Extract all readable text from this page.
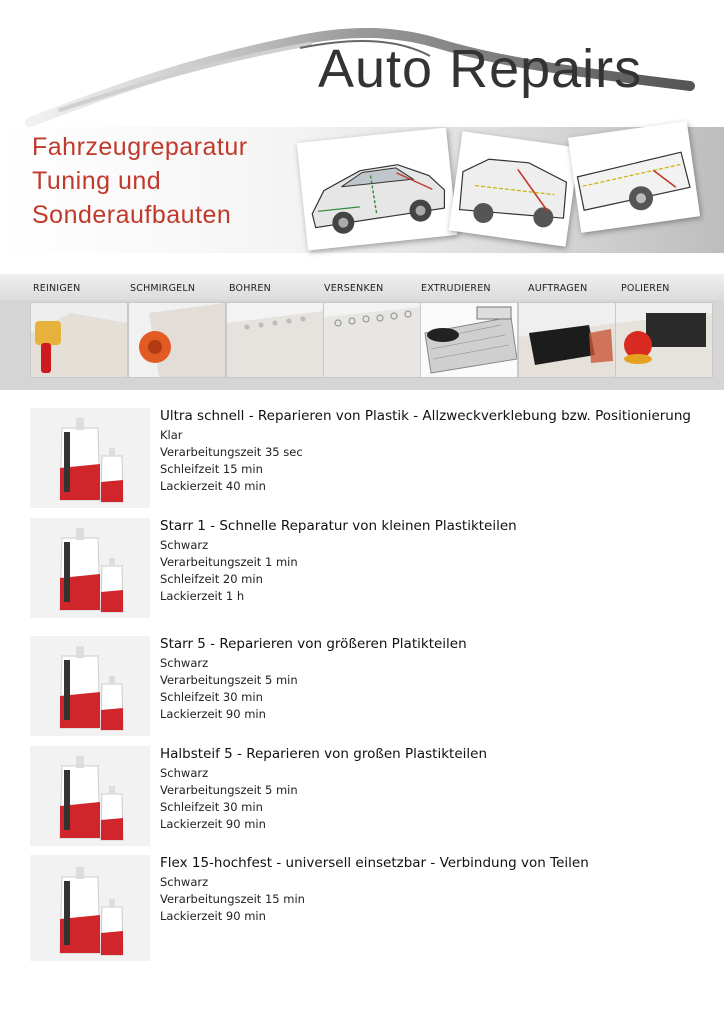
Auto Repairs
Fahrzeugreparatur
Tuning und
Sonderaufbauten
REINIGEN	SCHMIRGELN	BOHREN	VERSENKEN	EXTRUDIEREN	AUFTRAGEN	POLIEREN
Ultra schnell - Reparieren von Plastik - Allzweckverklebung bzw. Positionierung
Klar
Verarbeitungszeit 35 sec
Schleifzeit 15 min
Lackierzeit 40 min
Starr 1 - Schnelle Reparatur von kleinen Plastikteilen
Schwarz
Verarbeitungszeit 1 min
Schleifzeit 20 min
Lackierzeit 1 h
Starr 5 - Reparieren von größeren Platikteilen
Schwarz
Verarbeitungszeit 5 min
Schleifzeit 30 min
Lackierzeit 90 min
Halbsteif 5 - Reparieren von großen Plastikteilen
Schwarz
Verarbeitungszeit 5 min
Schleifzeit 30 min
Lackierzeit 90 min
Flex 15-hochfest - universell einsetzbar - Verbindung von Teilen
Schwarz
Verarbeitungszeit 15 min
Lackierzeit 90 min
